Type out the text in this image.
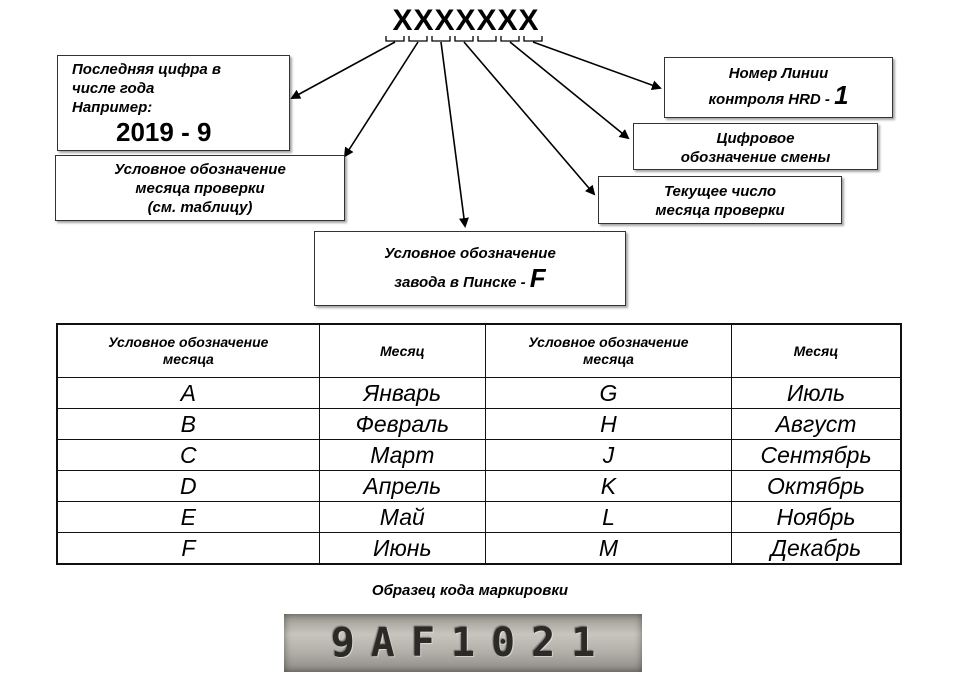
XXXXXXX
Последняя цифра в
числе года
Например:
2019 - 9
Условное обозначение
месяца проверки
(см. таблицу)
Условное обозначение
завода в Пинске - F
Номер Линии
контроля HRD - 1
Цифровое
обозначение смены
Текущее число
месяца проверки
Условное обозначение месяца	Месяц	Условное обозначение месяца	Месяц
A	Январь	G	Июль
B	Февраль	H	Август
C	Март	J	Сентябрь
D	Апрель	K	Октябрь
E	Май	L	Ноябрь
F	Июнь	M	Декабрь
Образец кода маркировки
9AF1021
